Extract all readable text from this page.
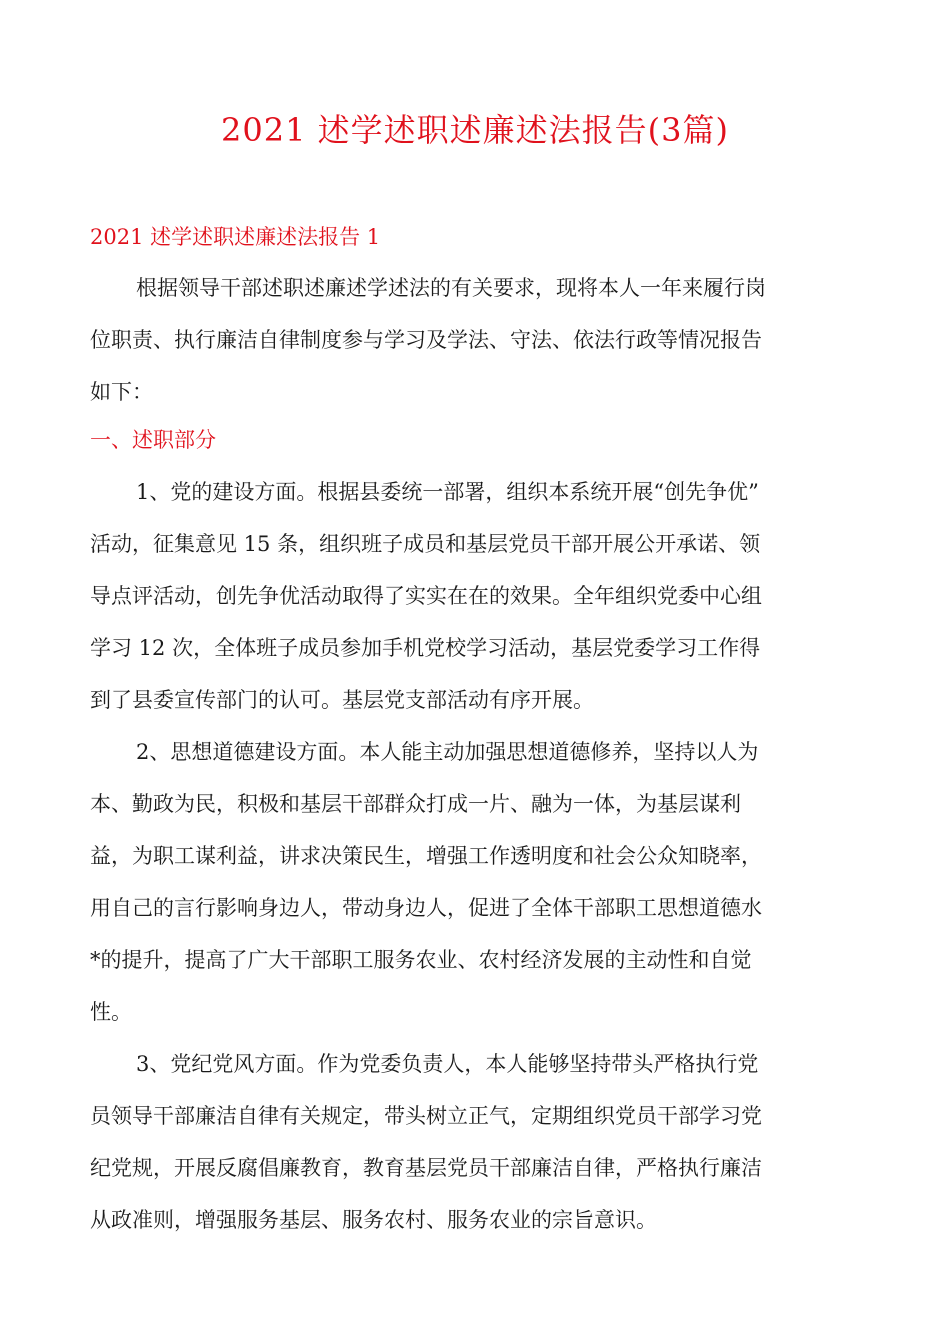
2021 述学述职述廉述法报告(3篇)
2021 述学述职述廉述法报告 1
根据领导干部述职述廉述学述法的有关要求，现将本人一年来履行岗
位职责、执行廉洁自律制度参与学习及学法、守法、依法行政等情况报告
如下：
一、述职部分
1、党的建设方面。根据县委统一部署，组织本系统开展“创先争优”
活动，征集意见 15 条，组织班子成员和基层党员干部开展公开承诺、领
导点评活动，创先争优活动取得了实实在在的效果。全年组织党委中心组
学习 12 次，全体班子成员参加手机党校学习活动，基层党委学习工作得
到了县委宣传部门的认可。基层党支部活动有序开展。
2、思想道德建设方面。本人能主动加强思想道德修养，坚持以人为
本、勤政为民，积极和基层干部群众打成一片、融为一体，为基层谋利
益，为职工谋利益，讲求决策民生，增强工作透明度和社会公众知晓率，
用自己的言行影响身边人，带动身边人，促进了全体干部职工思想道德水
*的提升，提高了广大干部职工服务农业、农村经济发展的主动性和自觉
性。
3、党纪党风方面。作为党委负责人，本人能够坚持带头严格执行党
员领导干部廉洁自律有关规定，带头树立正气，定期组织党员干部学习党
纪党规，开展反腐倡廉教育，教育基层党员干部廉洁自律，严格执行廉洁
从政准则，增强服务基层、服务农村、服务农业的宗旨意识。
